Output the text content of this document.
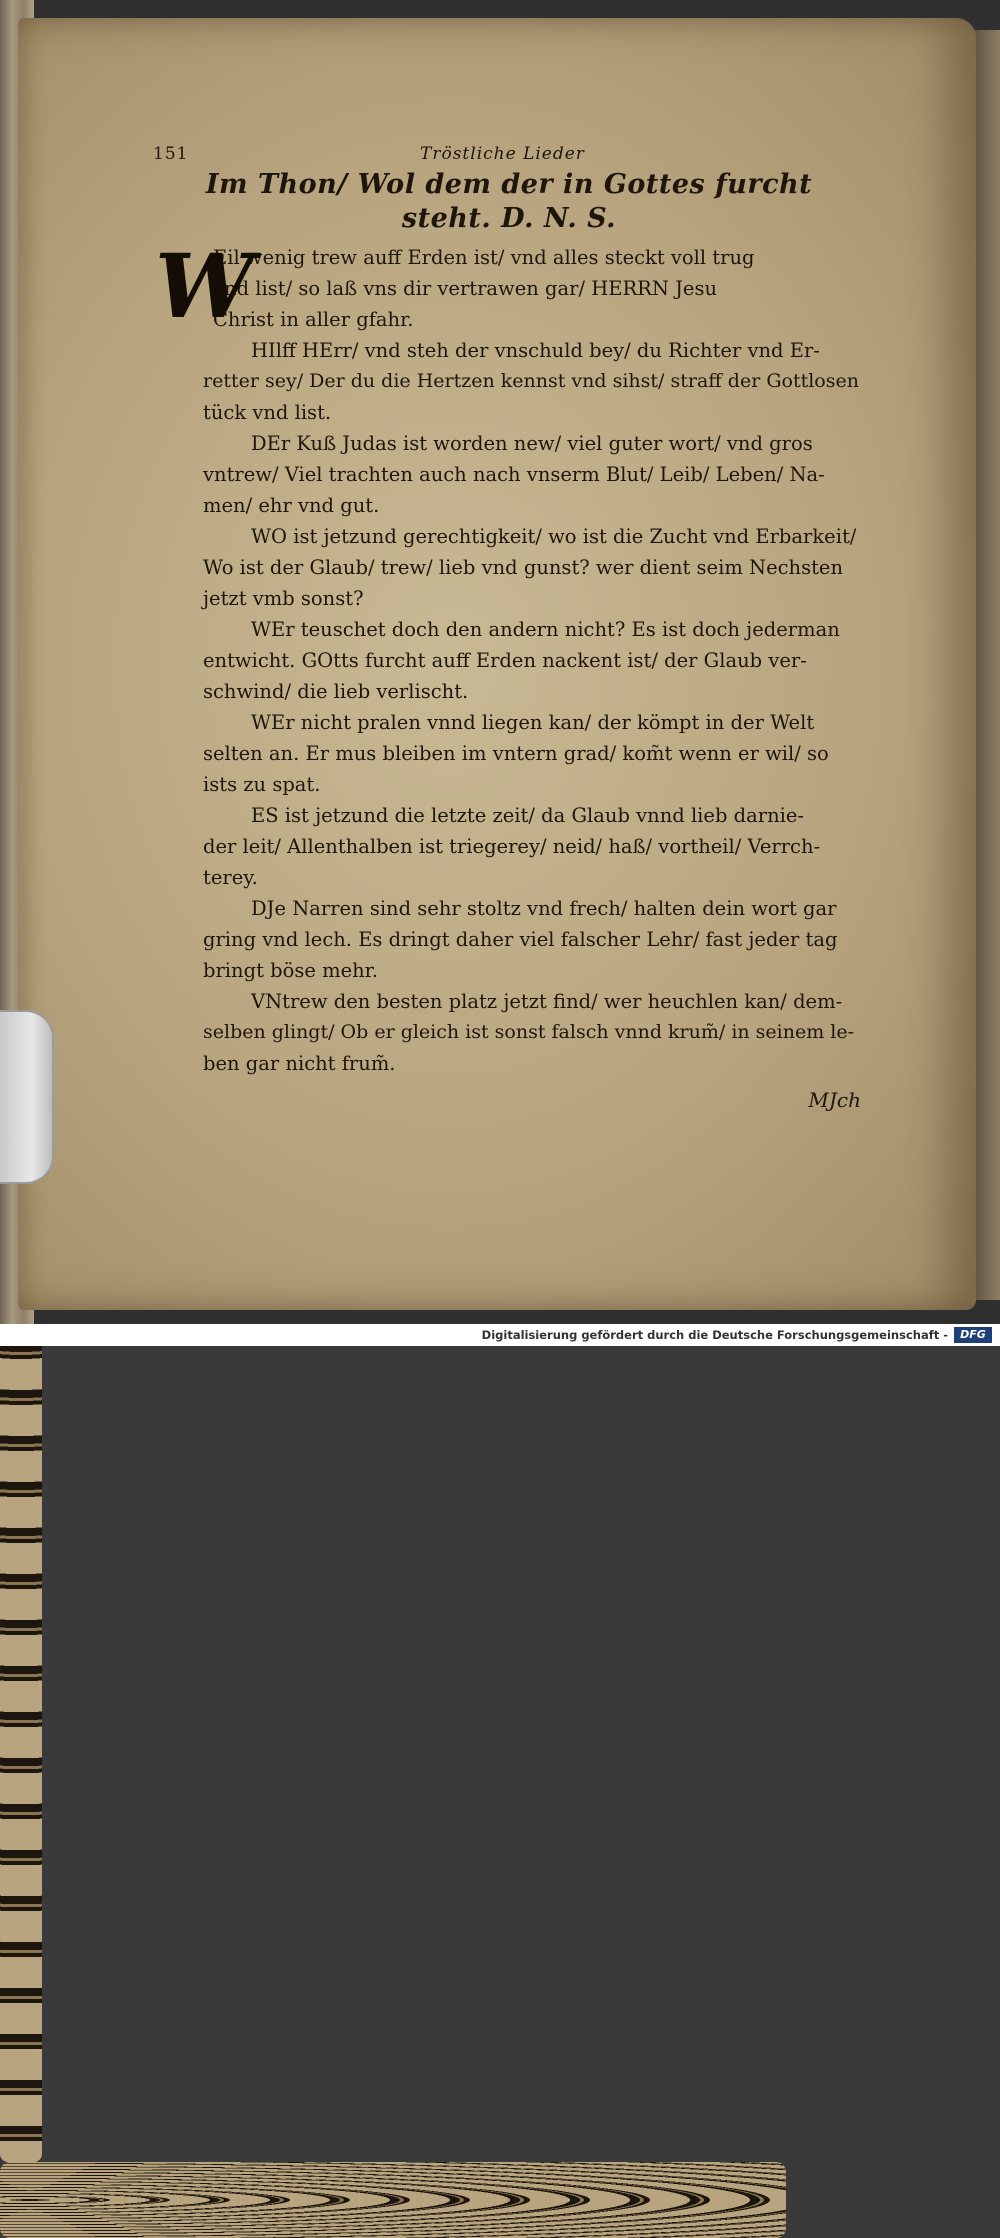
151	Tröstliche Lieder
Im Thon/ Wol dem der in Gottes furcht
steht. D. N. S.
W
Eil wenig trew auff Erden ist/ vnd alles steckt voll trug
vnd list/ so laß vns dir vertrawen gar/ HERRN Jesu
Christ in aller gfahr.
HIlff HErr/ vnd steh der vnschuld bey/ du Richter vnd Er-
retter sey/ Der du die Hertzen kennst vnd sihst/ straff der Gottlosen
tück vnd list.
DEr Kuß Judas ist worden new/ viel guter wort/ vnd gros
vntrew/ Viel trachten auch nach vnserm Blut/ Leib/ Leben/ Na-
men/ ehr vnd gut.
WO ist jetzund gerechtigkeit/ wo ist die Zucht vnd Erbarkeit/
Wo ist der Glaub/ trew/ lieb vnd gunst? wer dient seim Nechsten
jetzt vmb sonst?
WEr teuschet doch den andern nicht? Es ist doch jederman
entwicht. GOtts furcht auff Erden nackent ist/ der Glaub ver-
schwind/ die lieb verlischt.
WEr nicht pralen vnnd liegen kan/ der kömpt in der Welt
selten an. Er mus bleiben im vntern grad/ kom̃t wenn er wil/ so
ists zu spat.
ES ist jetzund die letzte zeit/ da Glaub vnnd lieb darnie-
der leit/ Allenthalben ist triegerey/ neid/ haß/ vortheil/ Verrch-
terey.
DJe Narren sind sehr stoltz vnd frech/ halten dein wort gar
gring vnd lech. Es dringt daher viel falscher Lehr/ fast jeder tag
bringt böse mehr.
VNtrew den besten platz jetzt find/ wer heuchlen kan/ dem-
selben glingt/ Ob er gleich ist sonst falsch vnnd krum̃/ in seinem le-
ben gar nicht frum̃.
MJch
Digitalisierung gefördert durch die Deutsche Forschungsgemeinschaft -	DFG
